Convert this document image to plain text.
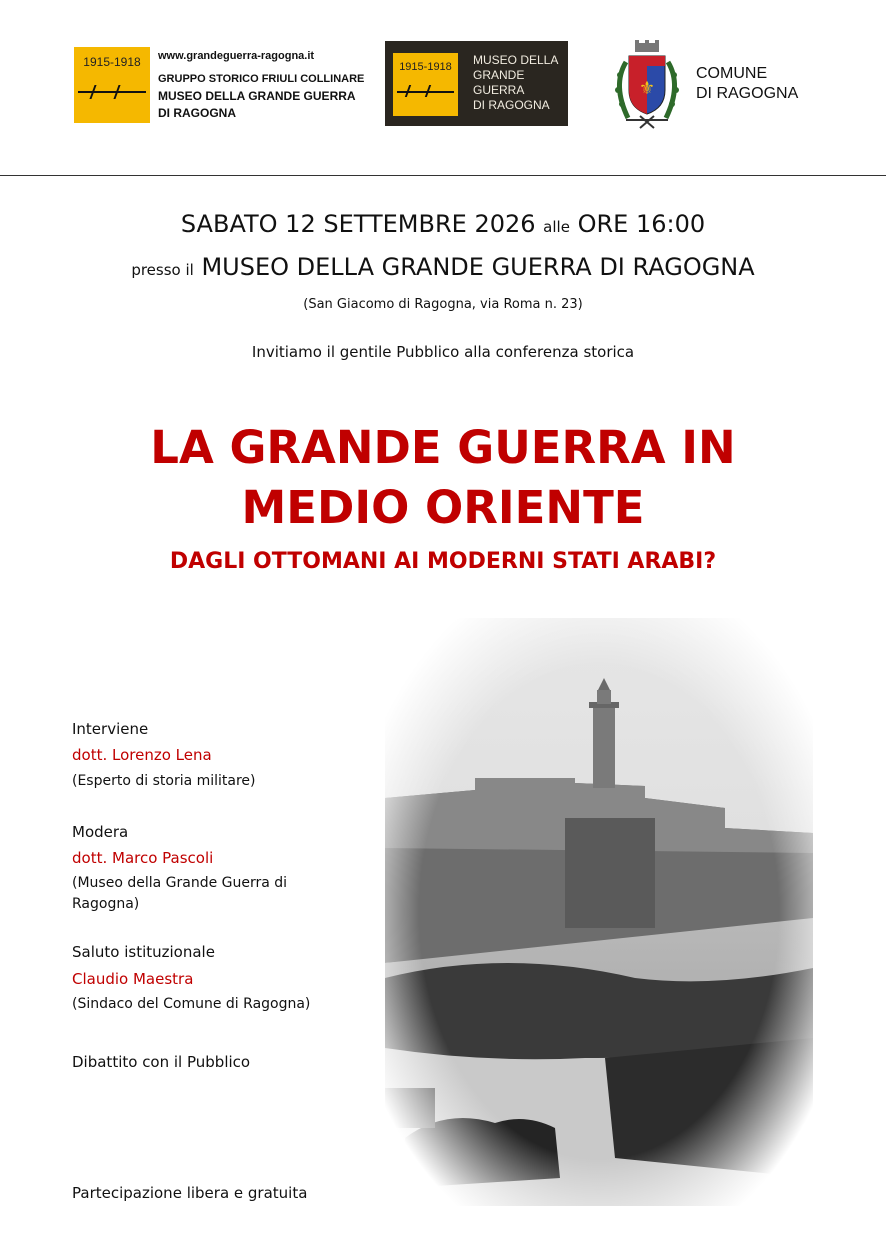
1915-1918	www.grandeguerra-ragogna.it
GRUPPO STORICO FRIULI COLLINARE
MUSEO DELLA GRANDE GUERRA
DI RAGOGNA
1915-1918	MUSEO DELLA
GRANDE
GUERRA
DI RAGOGNA
⚜
COMUNE
DI RAGOGNA
SABATO 12 SETTEMBRE 2026 alle ORE 16:00
presso il MUSEO DELLA GRANDE GUERRA DI RAGOGNA
(San Giacomo di Ragogna, via Roma n. 23)
Invitiamo il gentile Pubblico alla conferenza storica
LA GRANDE GUERRA IN
MEDIO ORIENTE
DAGLI OTTOMANI AI MODERNI STATI ARABI?
Interviene
dott. Lorenzo Lena
(Esperto di storia militare)
Modera
dott. Marco Pascoli
(Museo della Grande Guerra di
Ragogna)
Saluto istituzionale
Claudio Maestra
(Sindaco del Comune di Ragogna)
Dibattito con il Pubblico
Partecipazione libera e gratuita
